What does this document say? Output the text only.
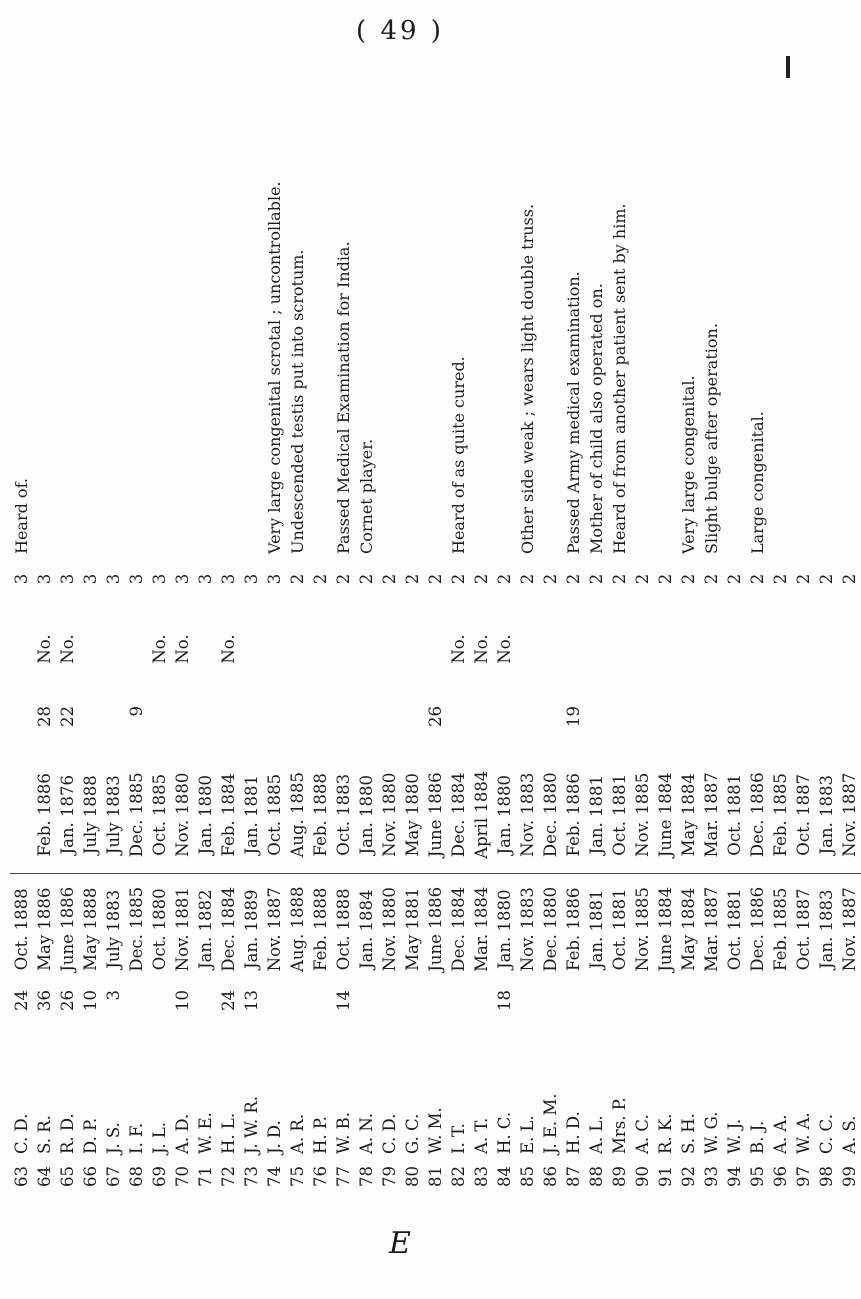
( 49 )
63	C. D.	24	Oct. 1888				3	Heard of.
64	S. R.	36	May 1886	Feb. 1886	28	No.	3	
65	R. D.	26	June 1886	Jan. 1876	22	No.	3	
66	D. P.	10	May 1888	July 1888			3	
67	J. S.	3	July 1883	July 1883			3	
68	I. F.		Dec. 1885	Dec. 1885	9		3	
69	J. L.		Oct. 1880	Oct. 1885		No.	3	
70	A. D.	10	Nov. 1881	Nov. 1880		No.	3	
71	W. E.		Jan. 1882	Jan. 1880			3	
72	H. L.	24	Dec. 1884	Feb. 1884		No.	3	
73	J. W. R.	13	Jan. 1889	Jan. 1881			3	
74	J. D.		Nov. 1887	Oct. 1885			3	Very large congenital scrotal ; uncontrollable.
75	A. R.		Aug. 1888	Aug. 1885			2	Undescended testis put into scrotum.
76	H. P.		Feb. 1888	Feb. 1888			2	
77	W. B.	14	Oct. 1888	Oct. 1883			2	Passed Medical Examination for India.
78	A. N.		Jan. 1884	Jan. 1880			2	Cornet player.
79	C. D.		Nov. 1880	Nov. 1880			2	
80	G. C.		May 1881	May 1880			2	
81	W. M.		June 1886	June 1886	26		2	
82	I. T.		Dec. 1884	Dec. 1884		No.	2	Heard of as quite cured.
83	A. T.		Mar. 1884	April 1884		No.	2	
84	H. C.	18	Jan. 1880	Jan. 1880		No.	2	
85	E. L.		Nov. 1883	Nov. 1883			2	Other side weak ; wears light double truss.
86	J. E. M.		Dec. 1880	Dec. 1880			2	
87	H. D.		Feb. 1886	Feb. 1886	19		2	Passed Army medical examination.
88	A. L.		Jan. 1881	Jan. 1881			2	Mother of child also operated on.
89	Mrs. P.		Oct. 1881	Oct. 1881			2	Heard of from another patient sent by him.
90	A. C.		Nov. 1885	Nov. 1885			2	
91	R. K.		June 1884	June 1884			2	
92	S. H.		May 1884	May 1884			2	Very large congenital.
93	W. G.		Mar. 1887	Mar. 1887			2	Slight bulge after operation.
94	W. J.		Oct. 1881	Oct. 1881			2	
95	B. J.		Dec. 1886	Dec. 1886			2	Large congenital.
96	A. A.		Feb. 1885	Feb. 1885			2	
97	W. A.		Oct. 1887	Oct. 1887			2	
98	C. C.		Jan. 1883	Jan. 1883			2	
99	A. S.		Nov. 1887	Nov. 1887			2	
E
